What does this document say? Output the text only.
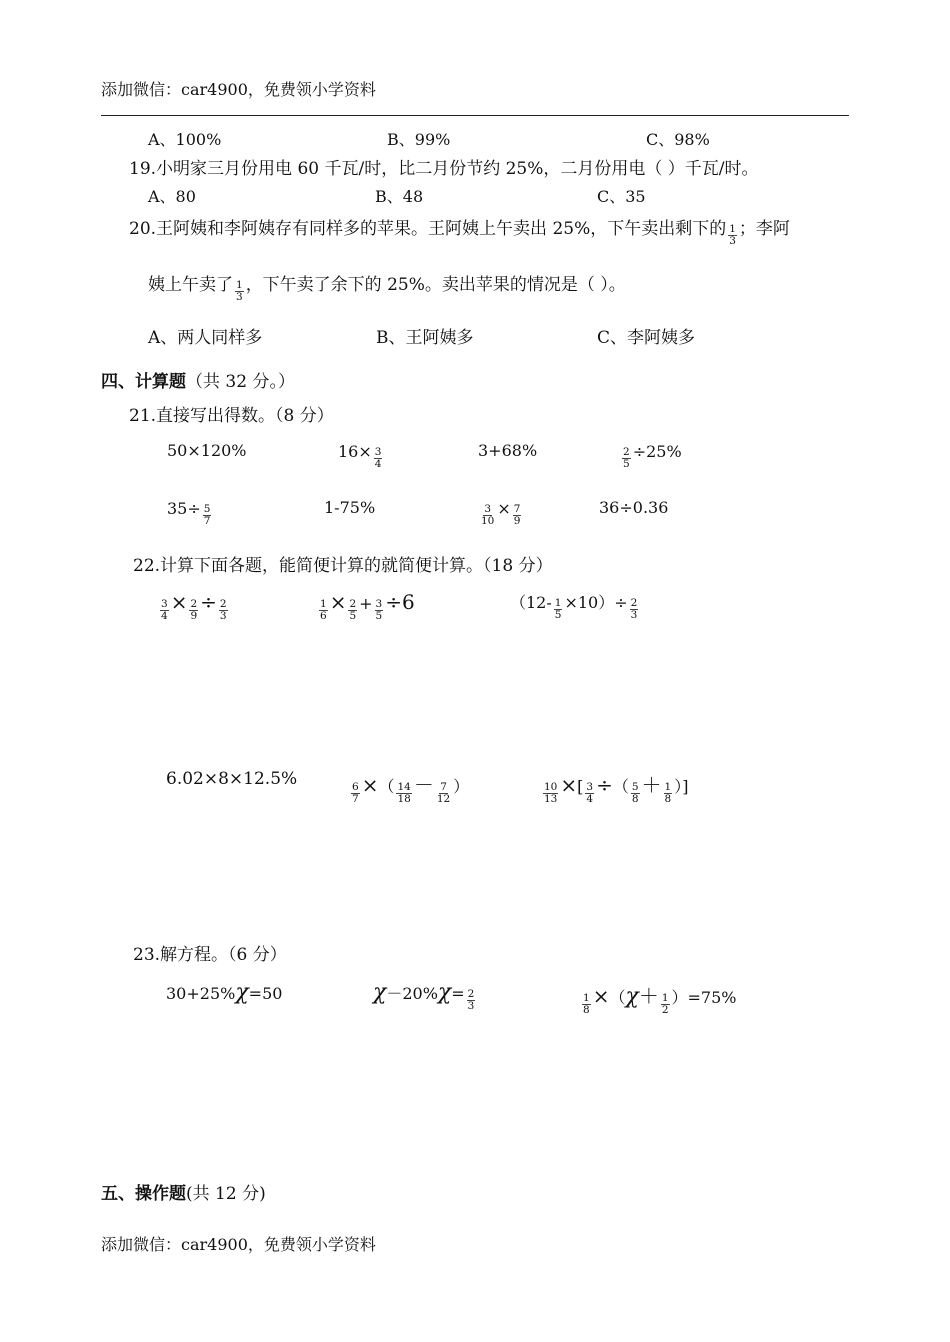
添加微信：car4900，免费领小学资料
A、100%	B、99%	C、98%
19.小明家三月份用电 60 千瓦/时，比二月份节约 25%，二月份用电（ ）千瓦/时。
A、80	B、48	C、35
20.王阿姨和李阿姨存有同样多的苹果。王阿姨上午卖出 25%，下午卖出剩下的 $\frac{1}{3}$ ；李阿
姨上午卖了 $\frac{1}{3}$ ，下午卖了余下的 25%。卖出苹果的情况是（ ）。
A、两人同样多	B、王阿姨多	C、李阿姨多
四、计算题（共 32 分。）
21.直接写出得数。（8 分）
50×120%	$16\times \frac{3}{4}$	3+68%	$\frac{2}{5} \div 25\%$
$35\div \frac{5}{7}$	1-75%	$\frac{3}{10} \times \frac{7}{9}$	36÷0.36
22.计算下面各题，能简便计算的就简便计算。（18 分）
$\frac{3}{4} \times \frac{2}{9} \div \frac{2}{3}$	$\frac{1}{6} \times \frac{2}{5} + \frac{3}{5} \div 6$	$(12- \frac{1}{5} \times 10)\div \frac{2}{3}$
6.02×8×12.5%
$\frac{6}{7}$ ×（ $\frac{14}{18} - \frac{7}{12}$ ）	$\frac{10}{13}$ ×[ $\frac{3}{4}$ ÷（ $\frac{5}{8} + \frac{1}{8}$ ）]
23.解方程。（6 分）
30+25%χ=50	$\chi-20\%\chi= \frac{2}{3}$	$\frac{1}{8} \times(\chi+ \frac{1}{2} )=75\%$
五、操作题(共 12 分)
添加微信：car4900，免费领小学资料
